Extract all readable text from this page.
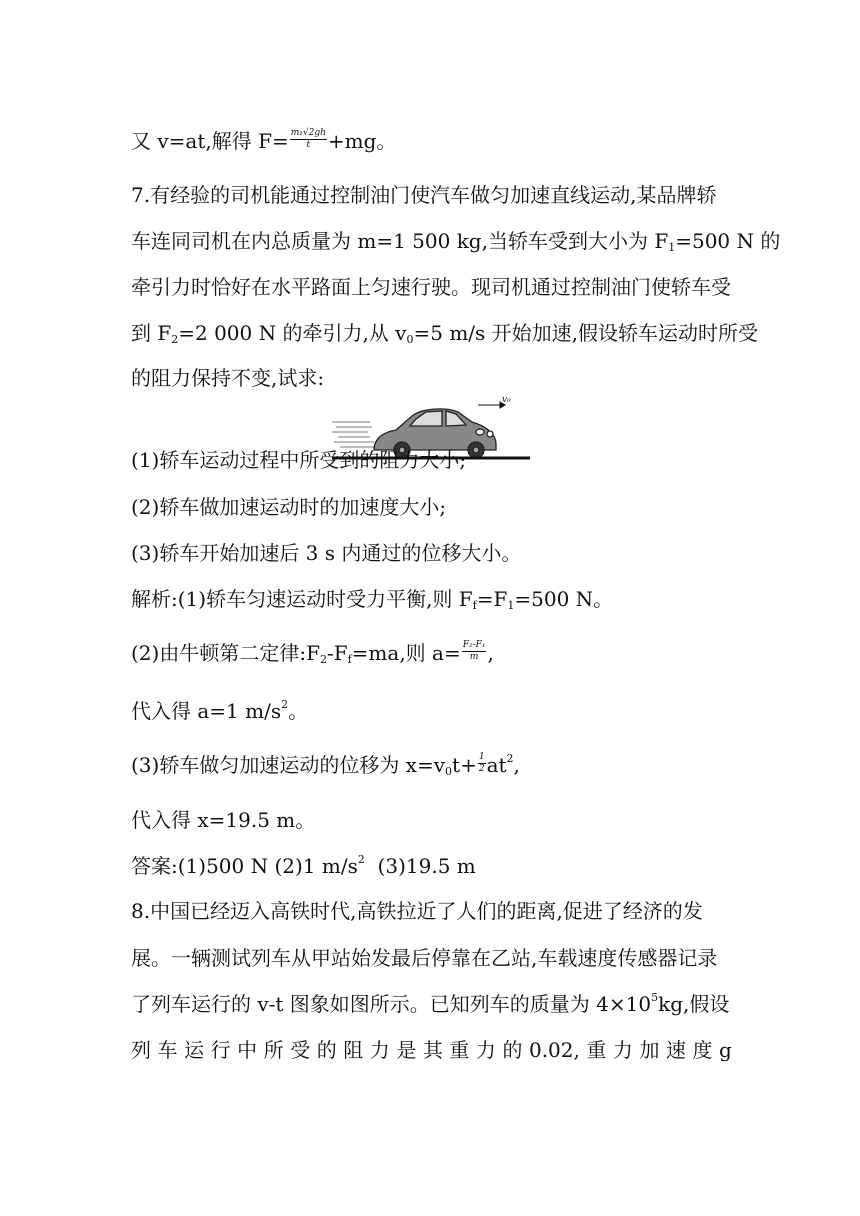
又 v=at,解得 $F= \frac{\text{m₁√2gh}}{t} +mg$。
7.有经验的司机能通过控制油门使汽车做匀加速直线运动,某品牌轿
车连同司机在内总质量为 m=1 500 kg,当轿车受到大小为 $F_1=500$ N 的
牵引力时恰好在水平路面上匀速行驶。现司机通过控制油门使轿车受
到 $F_2=2$ 000 N 的牵引力,从 $v_0=5$ m/s 开始加速,假设轿车运动时所受
的阻力保持不变,试求:
v₀
(1)轿车运动过程中所受到的阻力大小;
(2)轿车做加速运动时的加速度大小;
(3)轿车开始加速后 3 s 内通过的位移大小。
解析:(1)轿车匀速运动时受力平衡,则 $F_f=F_1=500$ N。
(2)由牛顿第二定律$:F_2-F_f=ma$,则 $a= \frac{\text{F₂-F₁}}{m}$ ,
代入得 a=1 $m/s^2$。
(3)轿车做匀加速运动的位移为 $x=v_0t+ \frac{1}{2} at^2$,
代入得 x=19.5 m。
答案:(1)500 N (2)1 $m/s^2$  (3)19.5 m
8.中国已经迈入高铁时代,高铁拉近了人们的距离,促进了经济的发
展。一辆测试列车从甲站始发最后停靠在乙站,车载速度传感器记录
了列车运行的 v-t 图象如图所示。已知列车的质量为 $4\times 10^5kg$,假设
列 车 运 行 中 所 受 的 阻 力 是 其 重 力 的 0.02, 重 力 加 速 度 g
